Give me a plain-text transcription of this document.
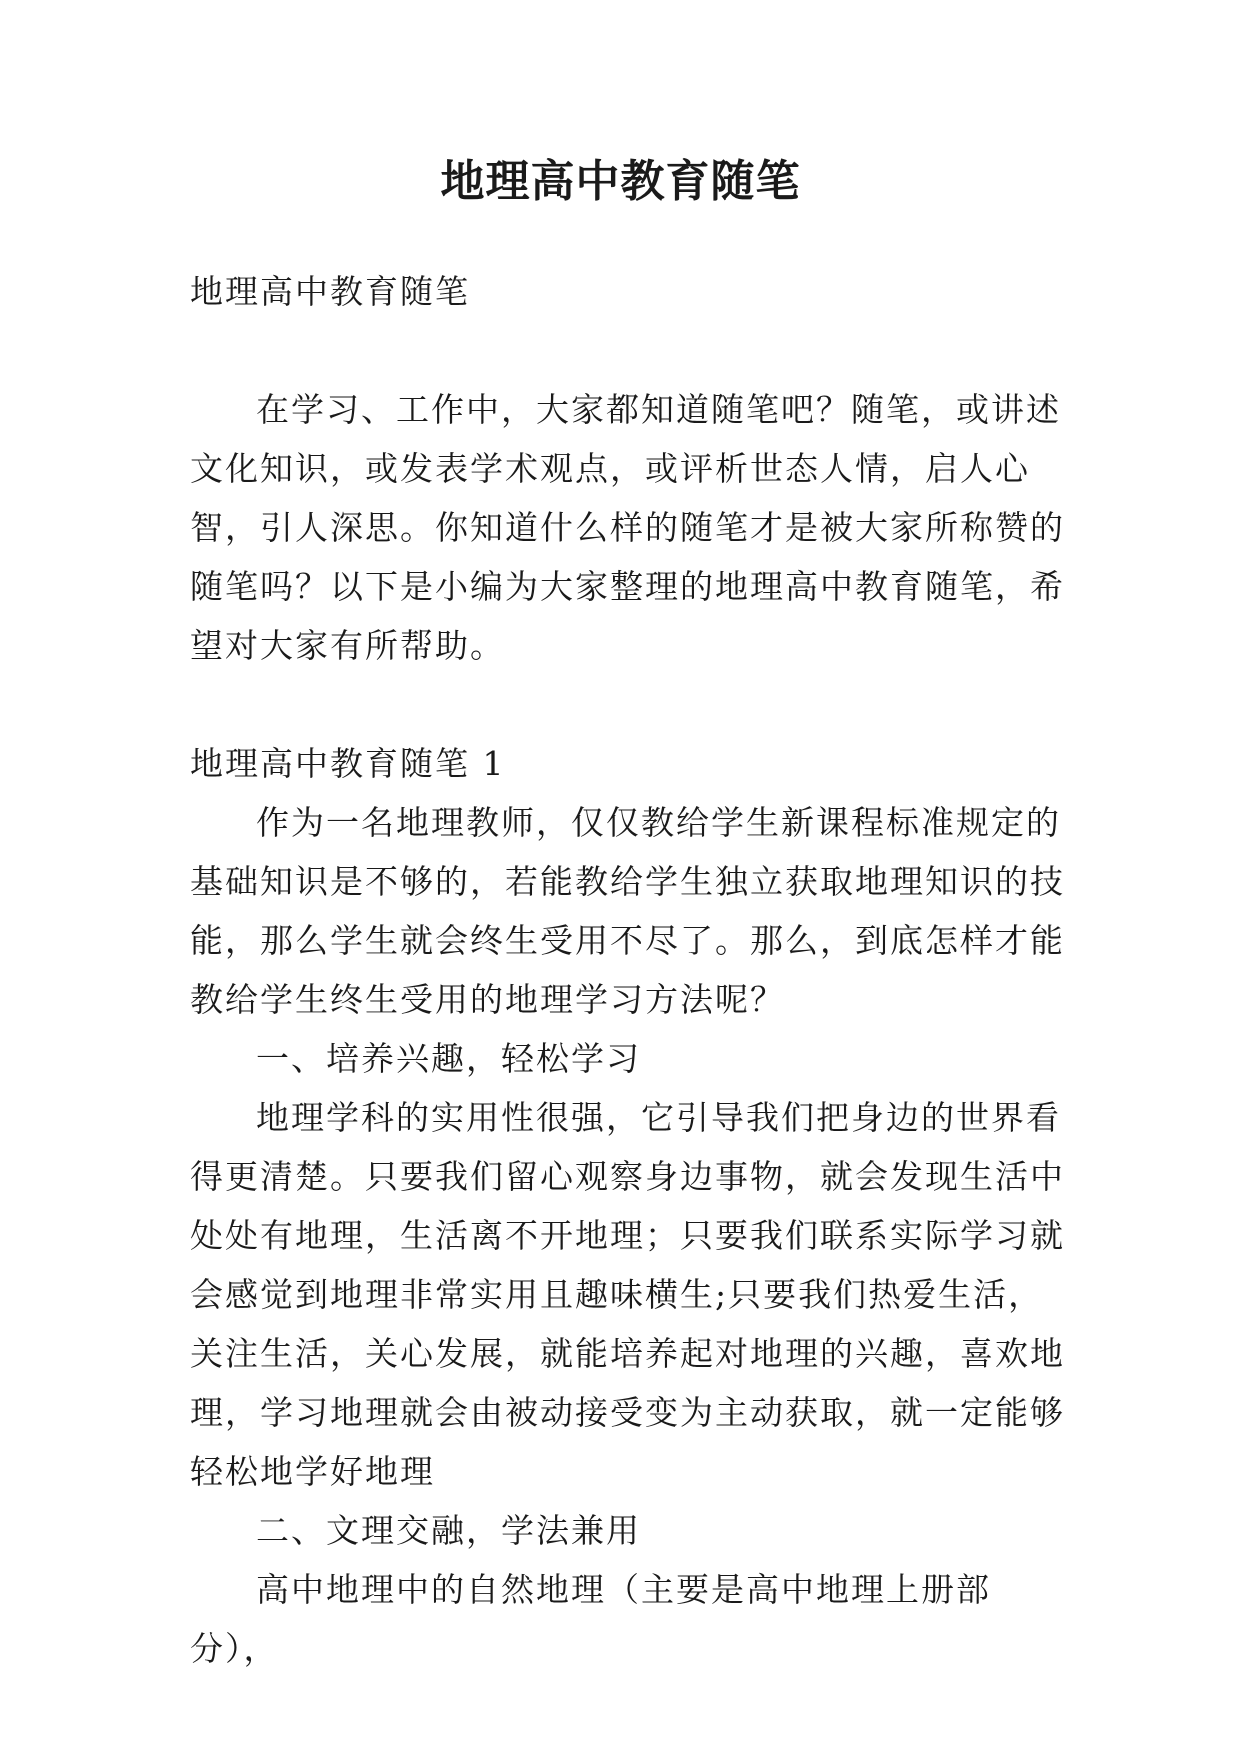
地理高中教育随笔

地理高中教育随笔

在学习、工作中，大家都知道随笔吧？随笔，或讲述文化知识，或发表学术观点，或评析世态人情，启人心智，引人深思。你知道什么样的随笔才是被大家所称赞的随笔吗？以下是小编为大家整理的地理高中教育随笔，希望对大家有所帮助。

地理高中教育随笔 1

作为一名地理教师，仅仅教给学生新课程标准规定的基础知识是不够的，若能教给学生独立获取地理知识的技能，那么学生就会终生受用不尽了。那么，到底怎样才能教给学生终生受用的地理学习方法呢？

一、培养兴趣，轻松学习

地理学科的实用性很强，它引导我们把身边的世界看得更清楚。只要我们留心观察身边事物，就会发现生活中处处有地理，生活离不开地理；只要我们联系实际学习就会感觉到地理非常实用且趣味横生;只要我们热爱生活，关注生活，关心发展，就能培养起对地理的兴趣，喜欢地理，学习地理就会由被动接受变为主动获取，就一定能够轻松地学好地理

二、文理交融，学法兼用

高中地理中的自然地理（主要是高中地理上册部分），
